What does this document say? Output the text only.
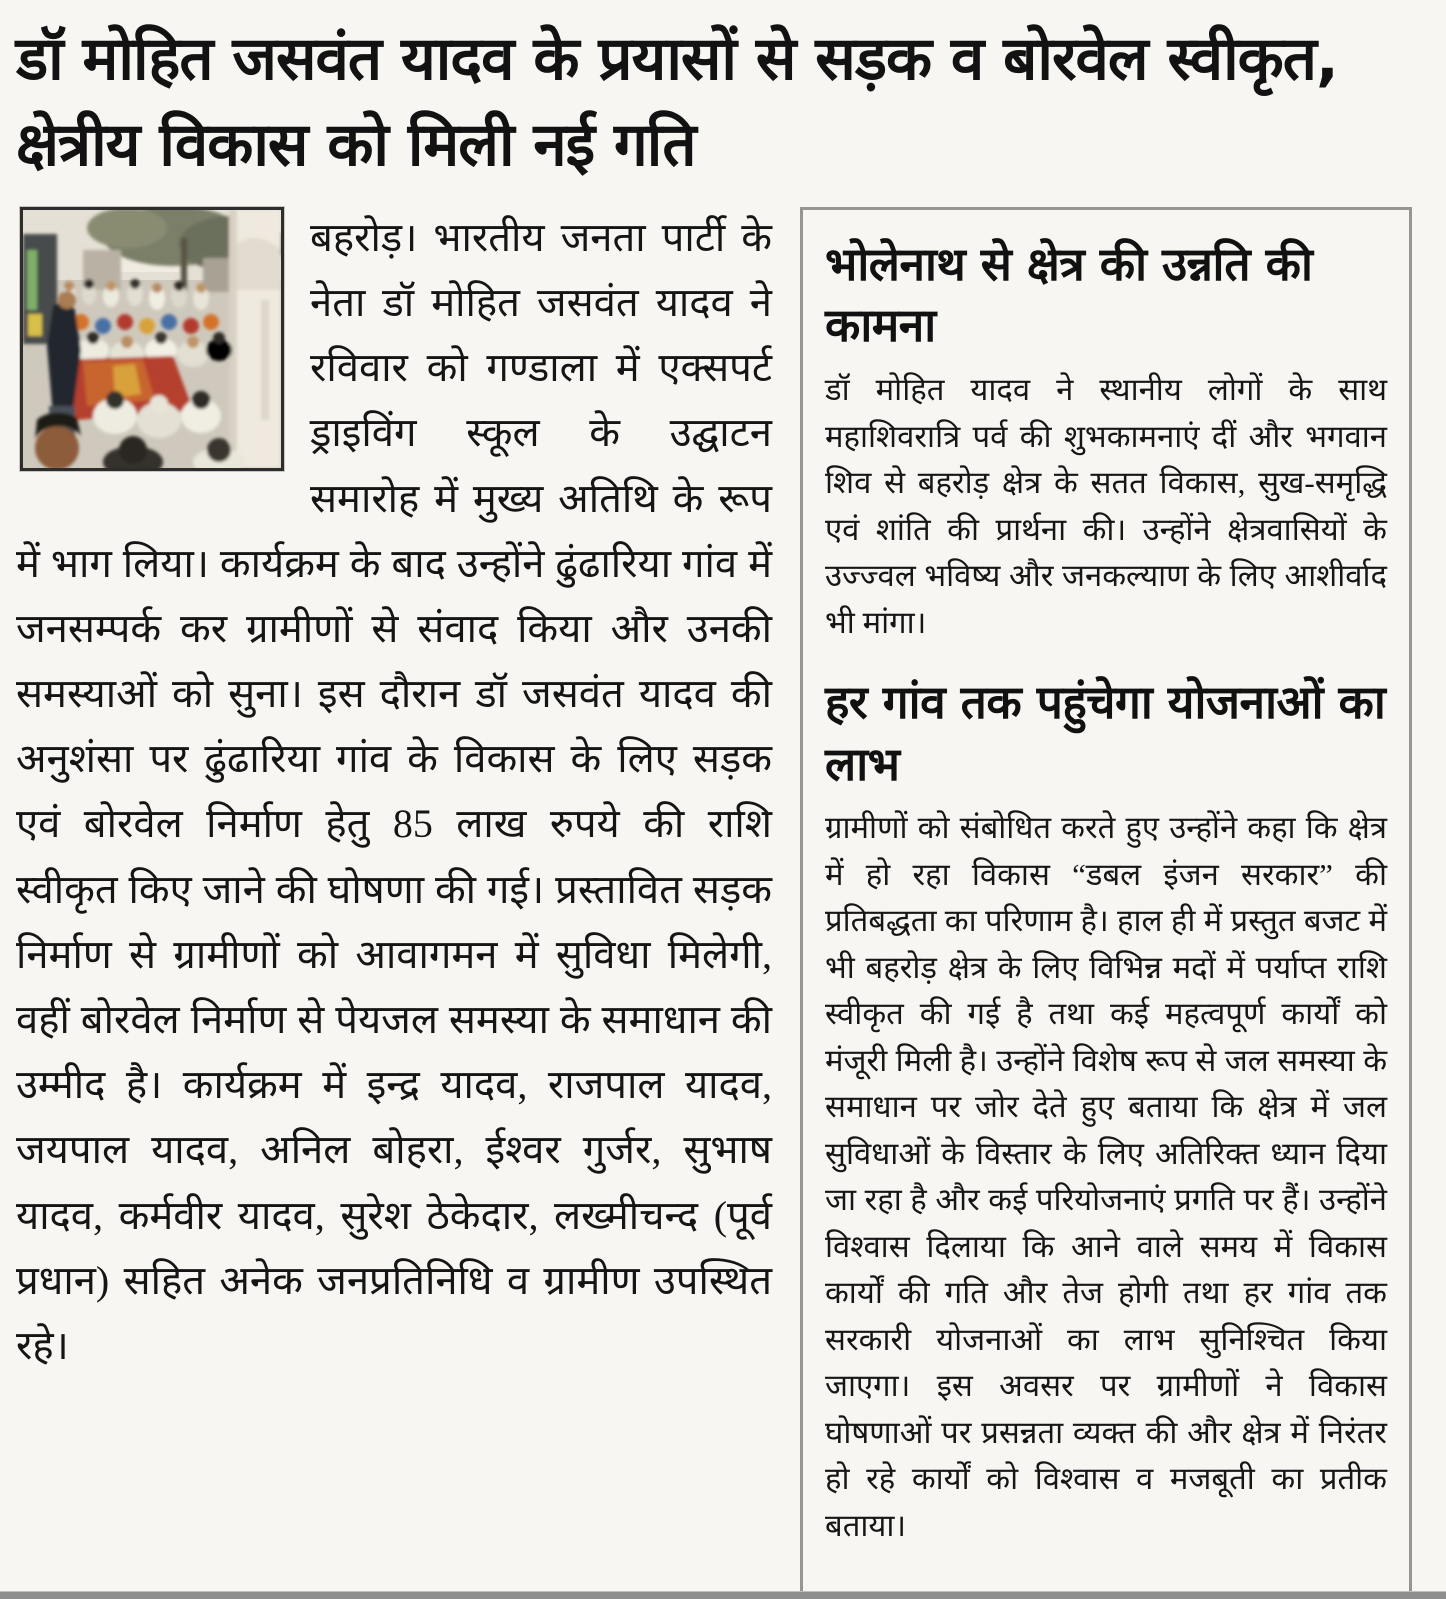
डॉ मोहित जसवंत यादव के प्रयासों से सड़क व बोरवेल स्वीकृत, क्षेत्रीय विकास को मिली नई गति

बहरोड़। भारतीय जनता पार्टी के नेता डॉ मोहित जसवंत यादव ने रविवार को गण्डाला में एक्सपर्ट ड्राइविंग स्कूल के उद्घाटन समारोह में मुख्य अतिथि के रूप में भाग लिया। कार्यक्रम के बाद उन्होंने ढुंढारिया गांव में जनसम्पर्क कर ग्रामीणों से संवाद किया और उनकी समस्याओं को सुना। इस दौरान डॉ जसवंत यादव की अनुशंसा पर ढुंढारिया गांव के विकास के लिए सड़क एवं बोरवेल निर्माण हेतु 85 लाख रुपये की राशि स्वीकृत किए जाने की घोषणा की गई। प्रस्तावित सड़क निर्माण से ग्रामीणों को आवागमन में सुविधा मिलेगी, वहीं बोरवेल निर्माण से पेयजल समस्या के समाधान की उम्मीद है। कार्यक्रम में इन्द्र यादव, राजपाल यादव, जयपाल यादव, अनिल बोहरा, ईश्वर गुर्जर, सुभाष यादव, कर्मवीर यादव, सुरेश ठेकेदार, लख्मीचन्द (पूर्व प्रधान) सहित अनेक जनप्रतिनिधि व ग्रामीण उपस्थित रहे।

भोलेनाथ से क्षेत्र की उन्नति की कामना

डॉ मोहित यादव ने स्थानीय लोगों के साथ महाशिवरात्रि पर्व की शुभकामनाएं दीं और भगवान शिव से बहरोड़ क्षेत्र के सतत विकास, सुख-समृद्धि एवं शांति की प्रार्थना की। उन्होंने क्षेत्रवासियों के उज्ज्वल भविष्य और जनकल्याण के लिए आशीर्वाद भी मांगा।

हर गांव तक पहुंचेगा योजनाओं का लाभ

ग्रामीणों को संबोधित करते हुए उन्होंने कहा कि क्षेत्र में हो रहा विकास “डबल इंजन सरकार” की प्रतिबद्धता का परिणाम है। हाल ही में प्रस्तुत बजट में भी बहरोड़ क्षेत्र के लिए विभिन्न मदों में पर्याप्त राशि स्वीकृत की गई है तथा कई महत्वपूर्ण कार्यों को मंजूरी मिली है। उन्होंने विशेष रूप से जल समस्या के समाधान पर जोर देते हुए बताया कि क्षेत्र में जल सुविधाओं के विस्तार के लिए अतिरिक्त ध्यान दिया जा रहा है और कई परियोजनाएं प्रगति पर हैं। उन्होंने विश्वास दिलाया कि आने वाले समय में विकास कार्यों की गति और तेज होगी तथा हर गांव तक सरकारी योजनाओं का लाभ सुनिश्चित किया जाएगा। इस अवसर पर ग्रामीणों ने विकास घोषणाओं पर प्रसन्नता व्यक्त की और क्षेत्र में निरंतर हो रहे कार्यों को विश्वास व मजबूती का प्रतीक बताया।
